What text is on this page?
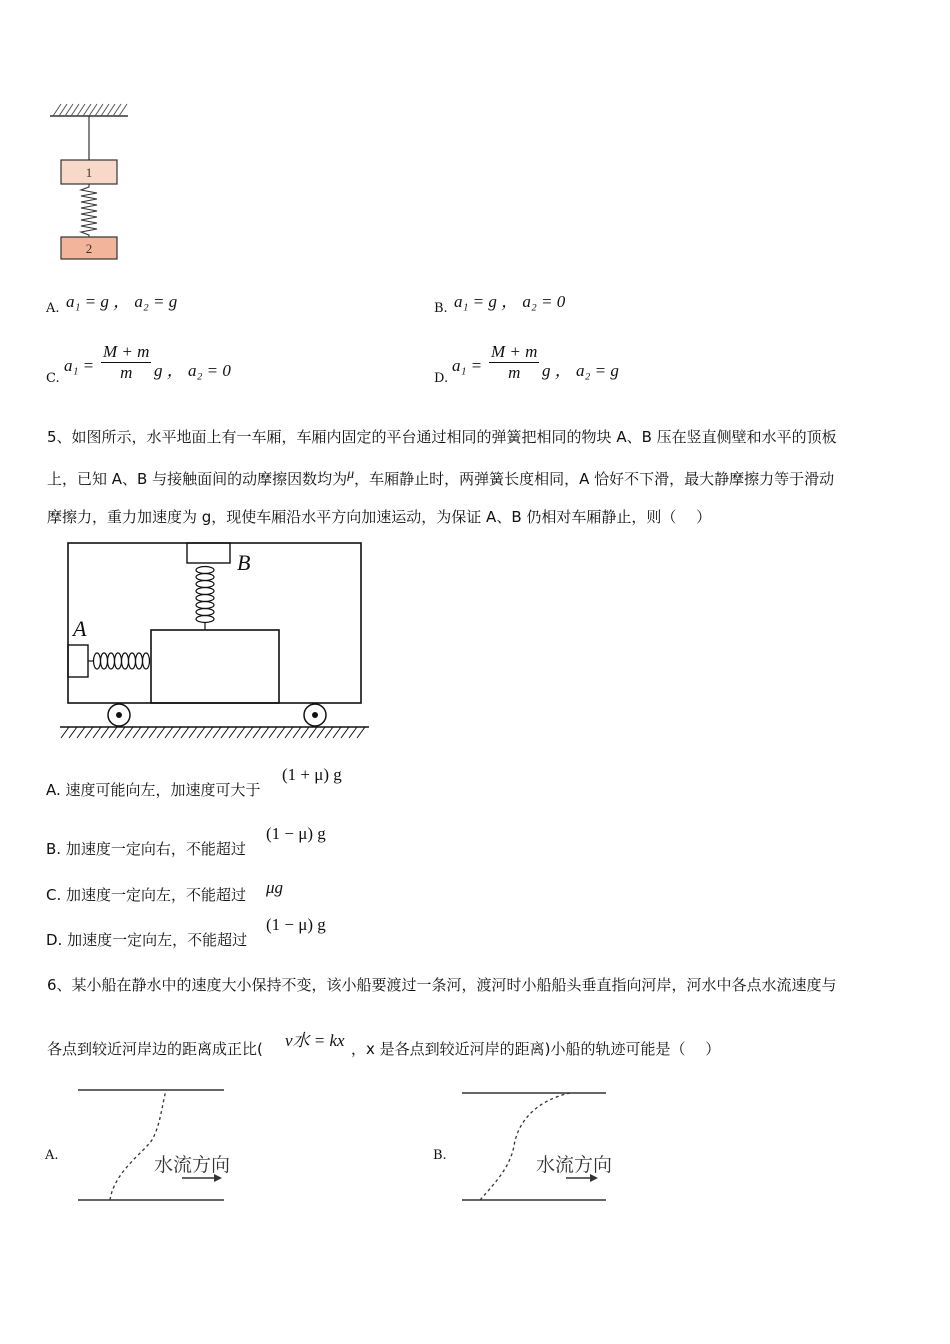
1
2
A. a₁ = g ， a₂ = g	B. a₁ = g ， a₂ = 0
C.
$a_1 = \frac{M + m}{m}$ g ， a₂ = 0	D.
$a_1 = \frac{M + m}{m}$ g ， a₂ = g
5、如图所示，水平地面上有一车厢，车厢内固定的平台通过相同的弹簧把相同的物块 A、B 压在竖直侧壁和水平的顶板
上，已知 A、B 与接触面间的动摩擦因数均为μ，车厢静止时，两弹簧长度相同，A 恰好不下滑，最大静摩擦力等于滑动
摩擦力，重力加速度为 g，现使车厢沿水平方向加速运动，为保证 A、B 仍相对车厢静止，则（　 ）
B
A
A. 速度可能向左，加速度可大于
(1 + μ) g
B. 加速度一定向右，不能超过
(1 − μ) g
C. 加速度一定向左，不能超过 μg
D. 加速度一定向左，不能超过
(1 − μ) g
6、某小船在静水中的速度大小保持不变，该小船要渡过一条河，渡河时小船船头垂直指向河岸，河水中各点水流速度与
各点到较近河岸边的距离成正比( v水 = kx ，x 是各点到较近河岸的距离)小船的轨迹可能是（　 ）
A.	水流方向	B.	水流方向
